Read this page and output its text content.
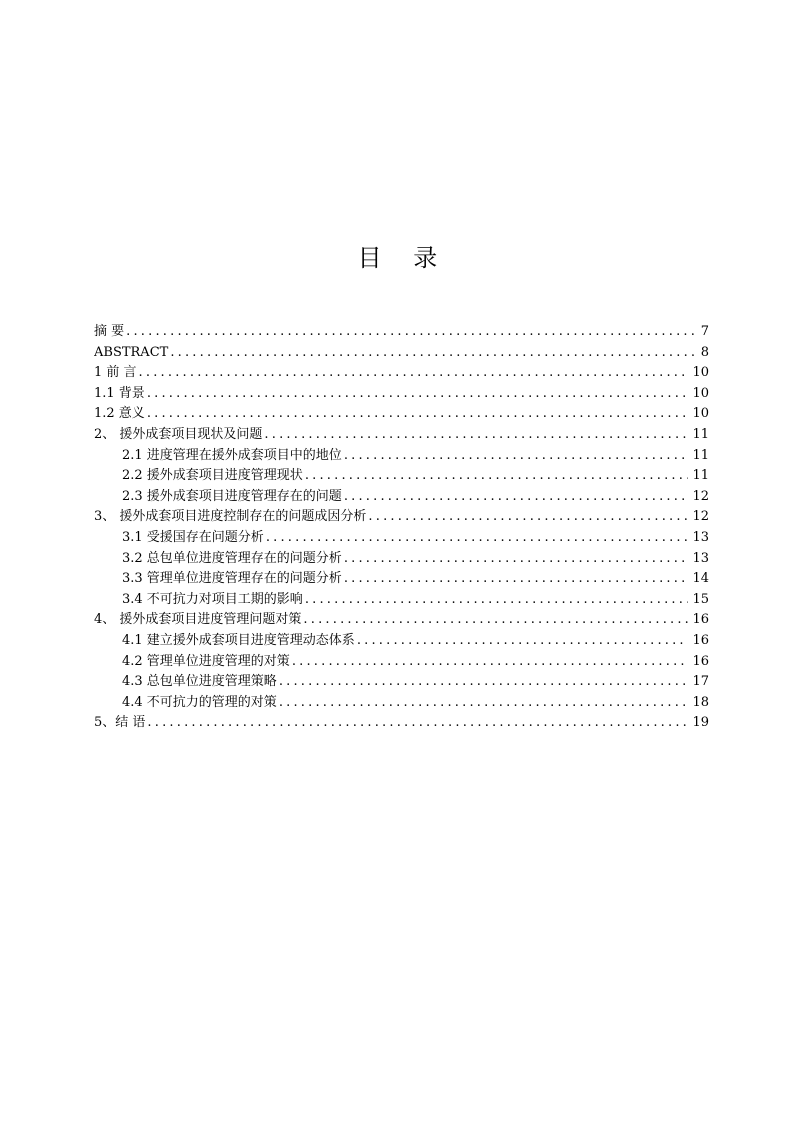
目 录
摘 要 .....	7
ABSTRACT .....	8
1 前 言 .....	10
1.1 背景 .....	10
1.2 意义 .....	10
2、 援外成套项目现状及问题 .....	11
2.1 进度管理在援外成套项目中的地位 .....	11
2.2 援外成套项目进度管理现状 .....	11
2.3 援外成套项目进度管理存在的问题 .....	12
3、 援外成套项目进度控制存在的问题成因分析 .....	12
3.1 受援国存在问题分析 .....	13
3.2 总包单位进度管理存在的问题分析 .....	13
3.3 管理单位进度管理存在的问题分析 .....	14
3.4 不可抗力对项目工期的影响 .....	15
4、 援外成套项目进度管理问题对策 .....	16
4.1 建立援外成套项目进度管理动态体系 .....	16
4.2 管理单位进度管理的对策 .....	16
4.3 总包单位进度管理策略 .....	17
4.4 不可抗力的管理的对策 .....	18
5、结 语 .....	19
